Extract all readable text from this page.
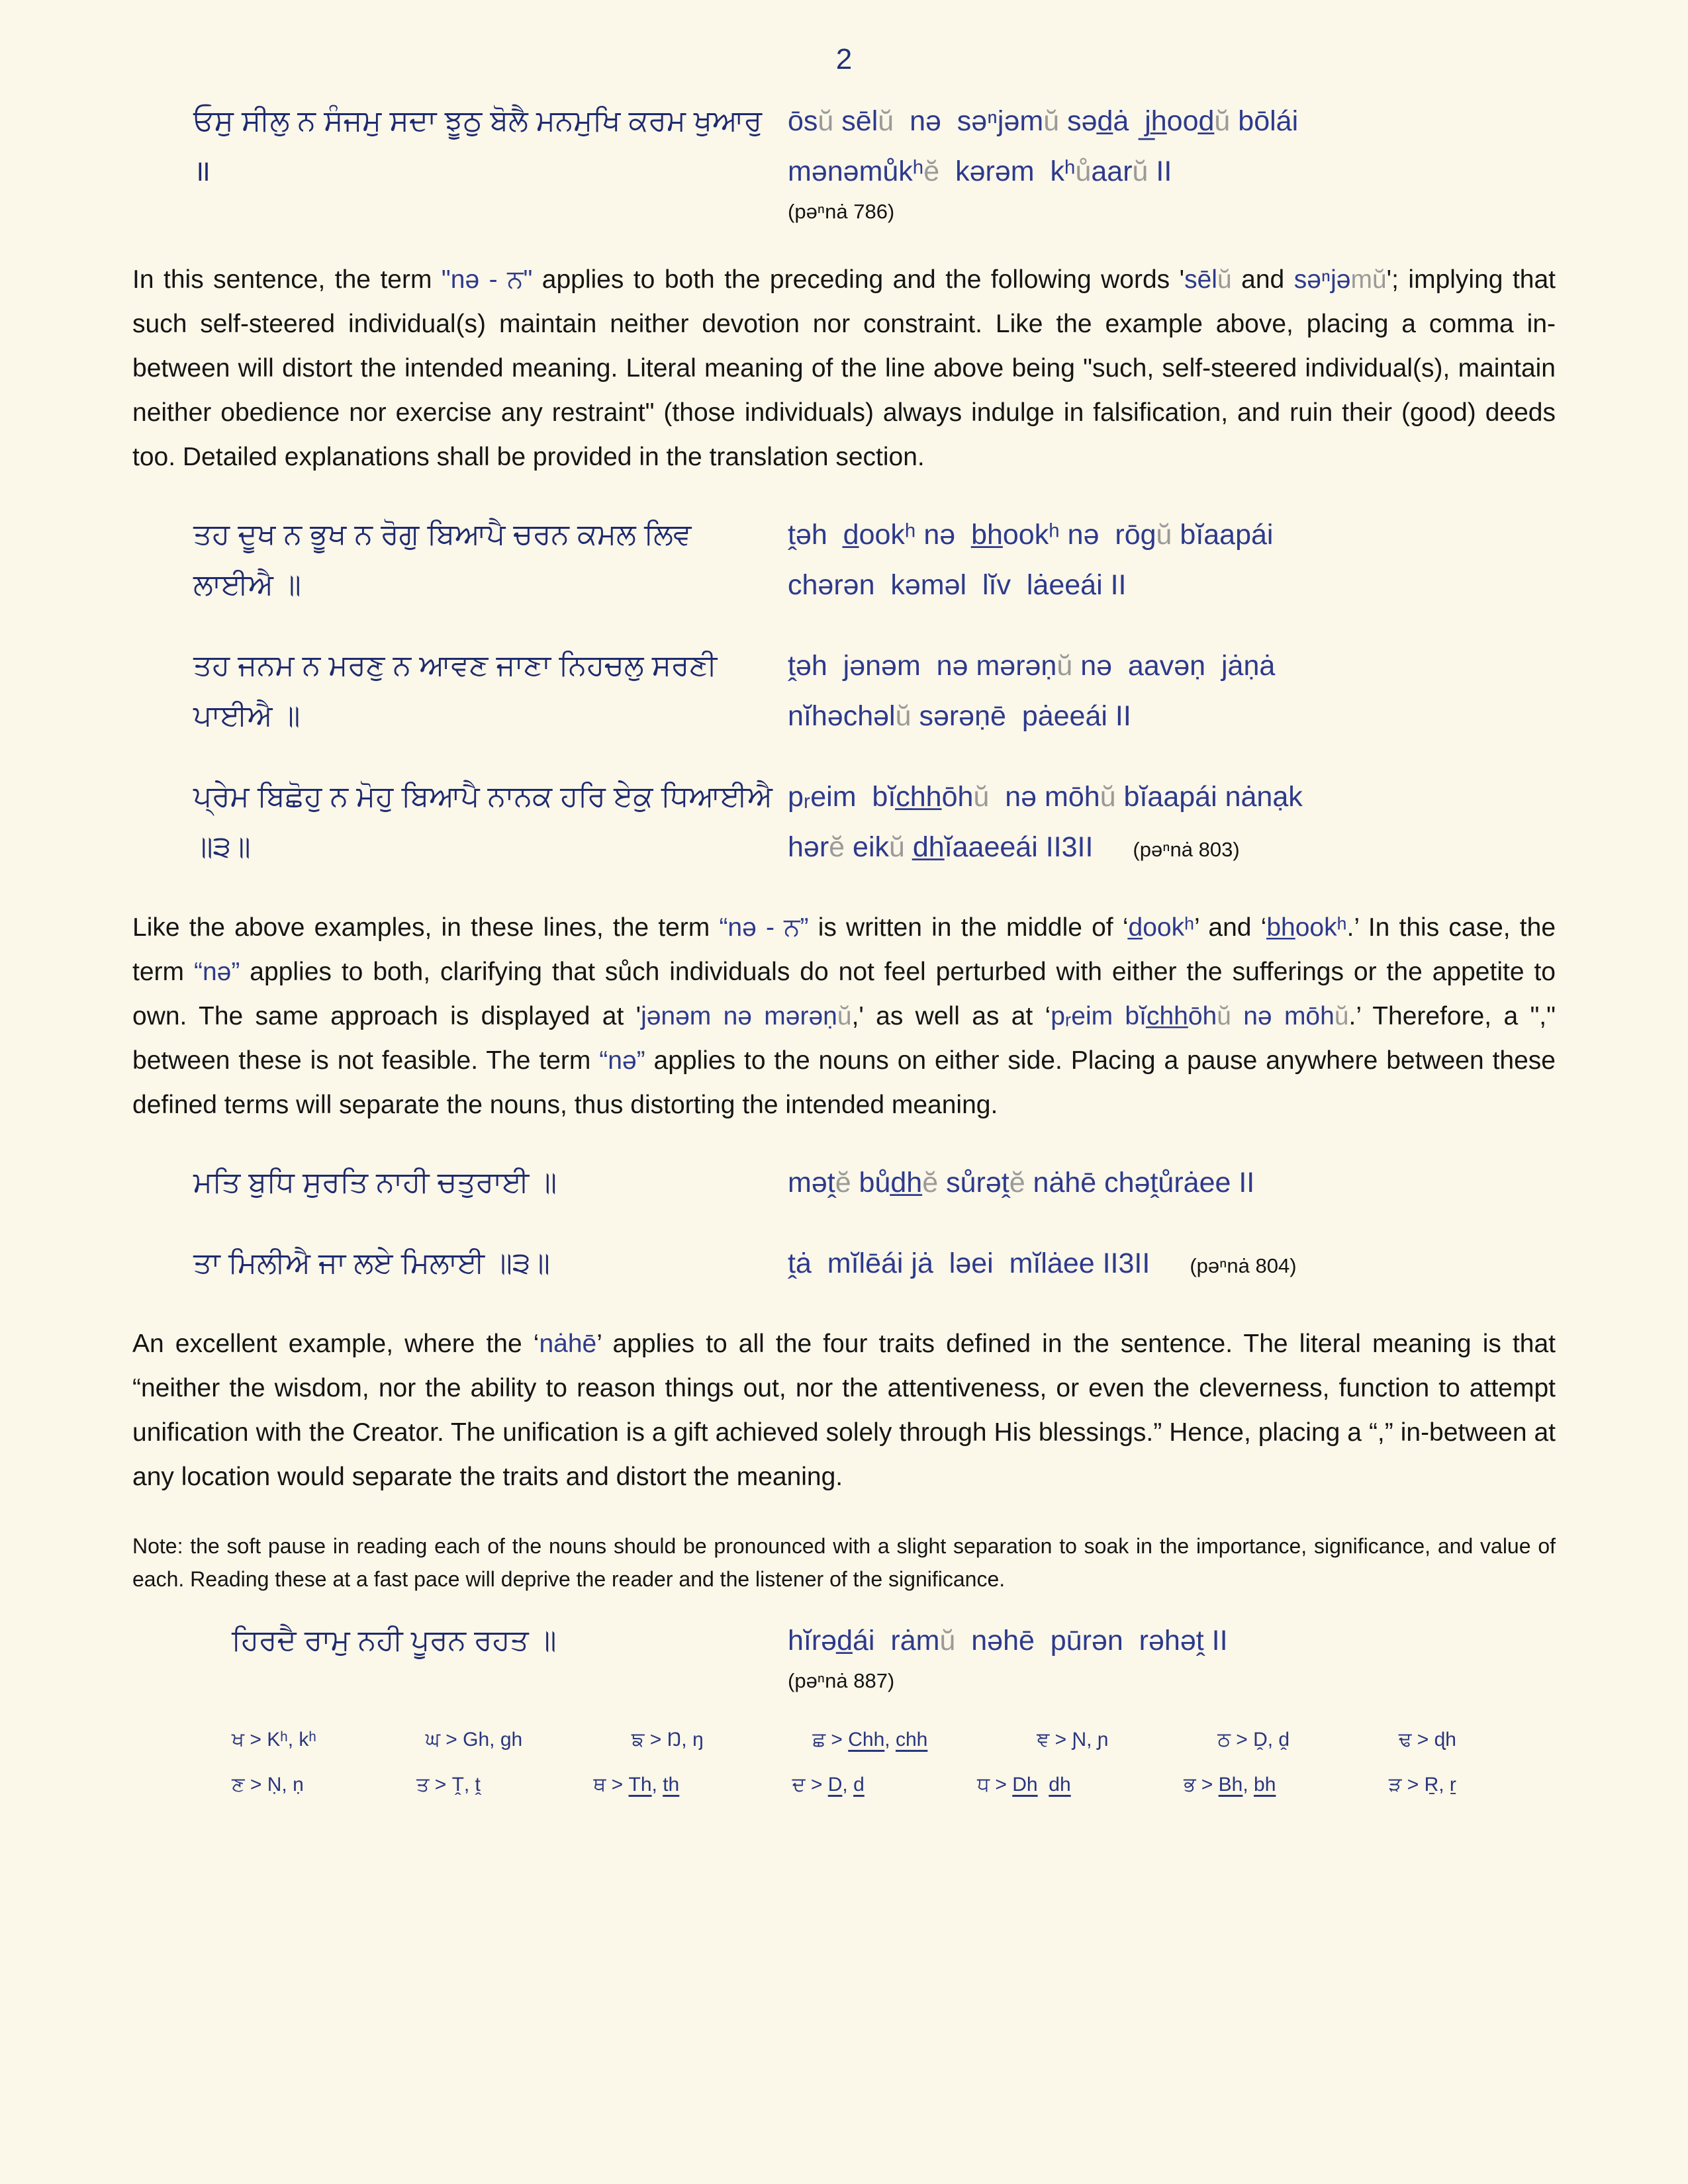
2
ਓਸੁ ਸੀਲੁ ਨ ਸੰਜਮੁ ਸਦਾ ਝੂਠੁ ਬੋਲੈ ਮਨਮੁਖਿ ਕਰਮ ਖੁਆਰੁ
॥
ōsŭ sēlŭ  nə  səⁿjəmŭ səd̲ȧ  j̲h̲ood̲ŭ bōlái
mənəmůkʰĕ  kərəm  kʰůaarŭ II
(pəⁿnȧ 786)

In this sentence, the term "nə - ਨ" applies to both the preceding and the following words 'sēlŭ and səⁿjəmŭ'; implying that such self-steered individual(s) maintain neither devotion nor constraint. Like the example above, placing a comma in-between will distort the intended meaning. Literal meaning of the line above being "such, self-steered individual(s), maintain neither obedience nor exercise any restraint" (those individuals) always indulge in falsification, and ruin their (good) deeds too. Detailed explanations shall be provided in the translation section.

ਤਹ ਦੂਖ ਨ ਭੂਖ ਨ ਰੋਗੁ ਬਿਆਪੈ ਚਰਨ ਕਮਲ ਲਿਵ
ਲਾਈਐ ॥
ṱəh  d̲ookʰ nə  b̲h̲ookʰ nə  rōgŭ bĭaapái
chərən  kəməl  lĭv  lȧeeái II
ਤਹ ਜਨਮ ਨ ਮਰਣੁ ਨ ਆਵਣ ਜਾਣਾ ਨਿਹਚਲੁ ਸਰਣੀ
ਪਾਈਐ ॥
ṱəh  jənəm  nə mərəṇŭ nə  aavəṇ  jȧṇȧ
nĭhəchəlŭ sərəṇē  pȧeeái II
ਪ੍ਰੇਮ ਬਿਛੋਹੁ ਨ ਮੋਹੁ ਬਿਆਪੈ ਨਾਨਕ ਹਰਿ ਏਕੁ ਧਿਆਈਐ
॥੩॥
pᵣeim  bĭc̲h̲h̲ōhŭ  nə mōhŭ bĭaapái nȧnạk
hərĕ eikŭ d̲h̲ĭaaeeái II3II (pəⁿnȧ 803)

Like the above examples, in these lines, the term “nə - ਨ” is written in the middle of ‘d̲ookʰ’ and ‘b̲h̲ookʰ.’ In this case, the term “nə” applies to both, clarifying that sůch individuals do not feel perturbed with either the sufferings or the appetite to own. The same approach is displayed at 'jənəm nə mərəṇŭ,' as well as at ‘pᵣeim bĭc̲h̲h̲ōhŭ nə mōhŭ.’ Therefore, a "," between these is not feasible. The term “nə” applies to the nouns on either side. Placing a pause anywhere between these defined terms will separate the nouns, thus distorting the intended meaning.

ਮਤਿ ਬੁਧਿ ਸੁਰਤਿ ਨਾਹੀ ਚਤੁਰਾਈ ॥	məṱĕ bůd̲h̲ĕ sůrəṱĕ nȧhē chəṱůrȧee II
ਤਾ ਮਿਲੀਐ ਜਾ ਲਏ ਮਿਲਾਈ ॥੩॥	ṱȧ  mĭlēái jȧ  ləei  mĭlȧee II3II (pəⁿnȧ 804)

An excellent example, where the ‘nȧhē’ applies to all the four traits defined in the sentence. The literal meaning is that “neither the wisdom, nor the ability to reason things out, nor the attentiveness, or even the cleverness, function to attempt unification with the Creator. The unification is a gift achieved solely through His blessings.” Hence, placing a “,” in-between at any location would separate the traits and distort the meaning.

Note: the soft pause in reading each of the nouns should be pronounced with a slight separation to soak in the importance, significance, and value of each. Reading these at a fast pace will deprive the reader and the listener of the significance.

ਹਿਰਦੈ ਰਾਮੁ ਨਹੀ ਪੂਰਨ ਰਹਤ ॥	hĭrəd̲ái  rȧmŭ  nəhē  pūrən  rəhəṱ II
(pəⁿnȧ 887)
ਖ > Kʰ, kʰ	ਘ > Gh, gh	ਙ > Ŋ, ŋ	ਛ > Chh, chh	ਞ > Ɲ, ɲ	ਠ > Ḓ, ḓ	ਢ > ɖh
ਣ > Ṇ, ṇ	ਤ > Ṱ, ṱ	ਥ > Th, th	ਦ > D, d	ਧ > Dh dh	ਭ > Bh, bh	ੜ > Ṟ, ṟ
